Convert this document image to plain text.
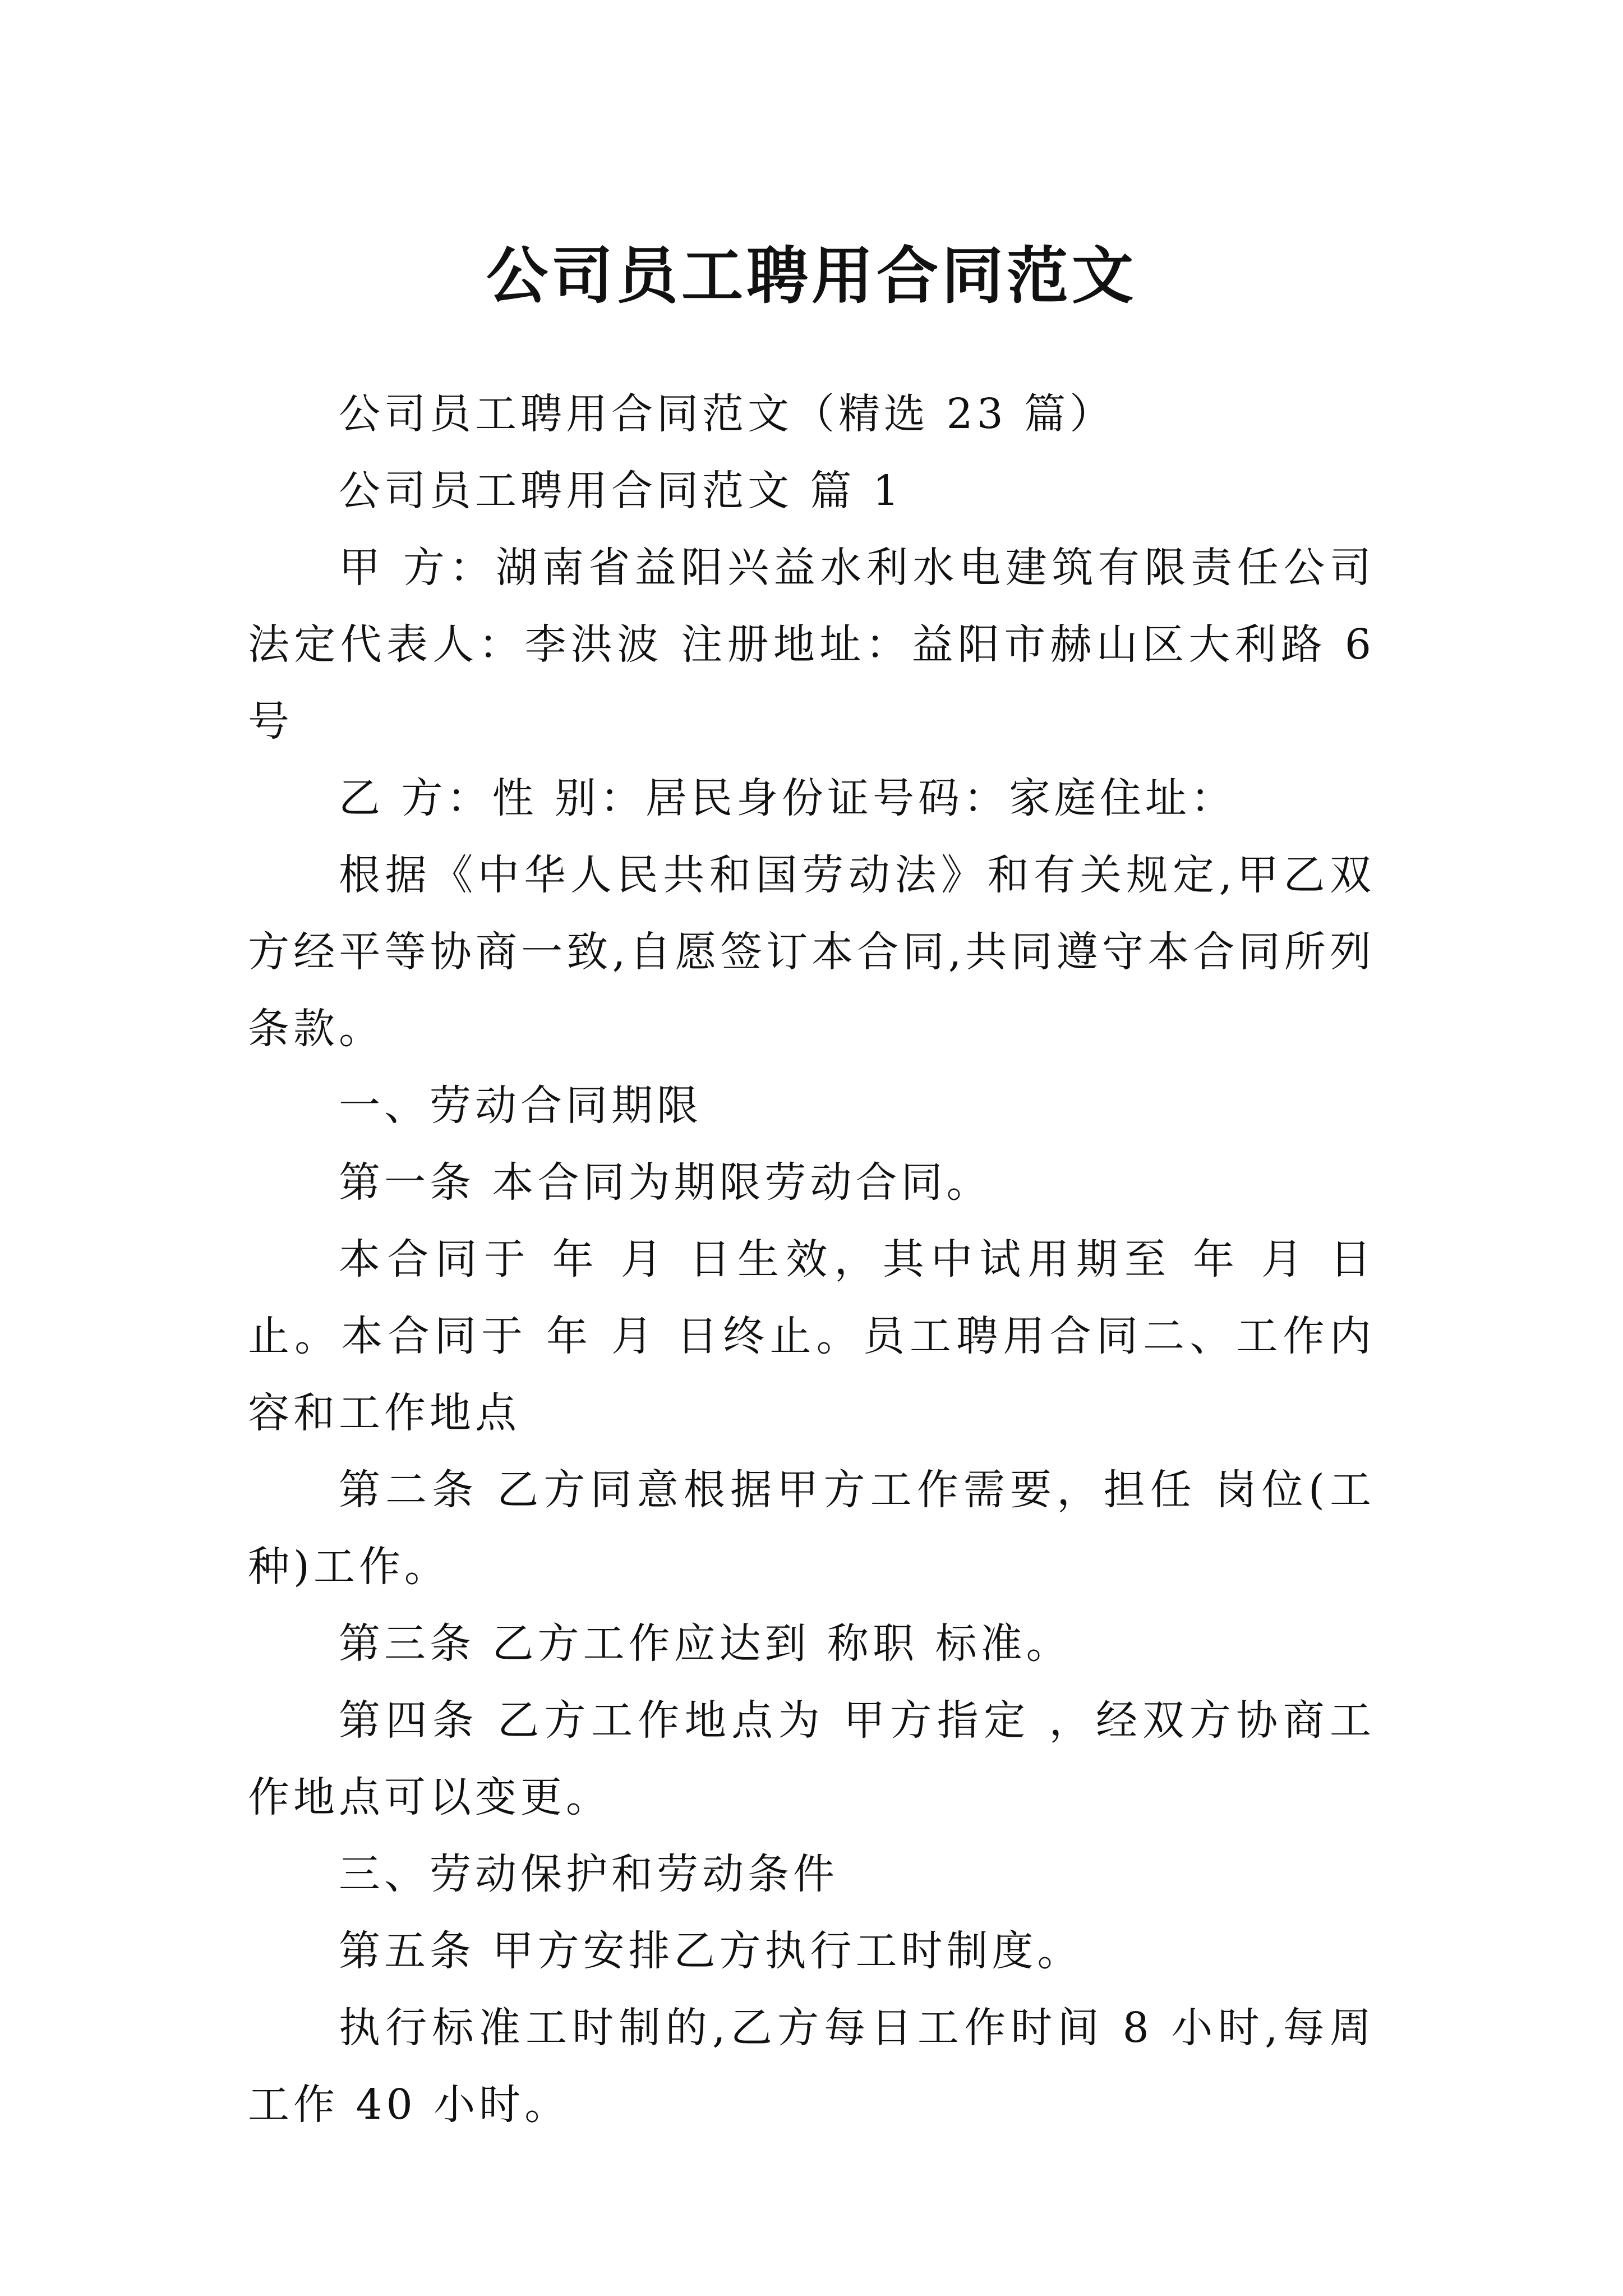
公司员工聘用合同范文

公司员工聘用合同范文（精选 23 篇）

公司员工聘用合同范文 篇 1

甲 方：湖南省益阳兴益水利水电建筑有限责任公司 法定代表人：李洪波 注册地址：益阳市赫山区大利路 6 号

乙 方：性 别：居民身份证号码：家庭住址：

根据《中华人民共和国劳动法》和有关规定,甲乙双方经平等协商一致,自愿签订本合同,共同遵守本合同所列条款。

一、劳动合同期限

第一条 本合同为期限劳动合同。

本合同于 年 月 日生效，其中试用期至 年 月 日止。本合同于 年 月 日终止。员工聘用合同二、工作内容和工作地点

第二条 乙方同意根据甲方工作需要，担任 岗位(工种)工作。

第三条 乙方工作应达到 称职 标准。

第四条 乙方工作地点为 甲方指定 ，经双方协商工作地点可以变更。

三、劳动保护和劳动条件

第五条 甲方安排乙方执行工时制度。

执行标准工时制的,乙方每日工作时间 8 小时,每周工作 40 小时。
